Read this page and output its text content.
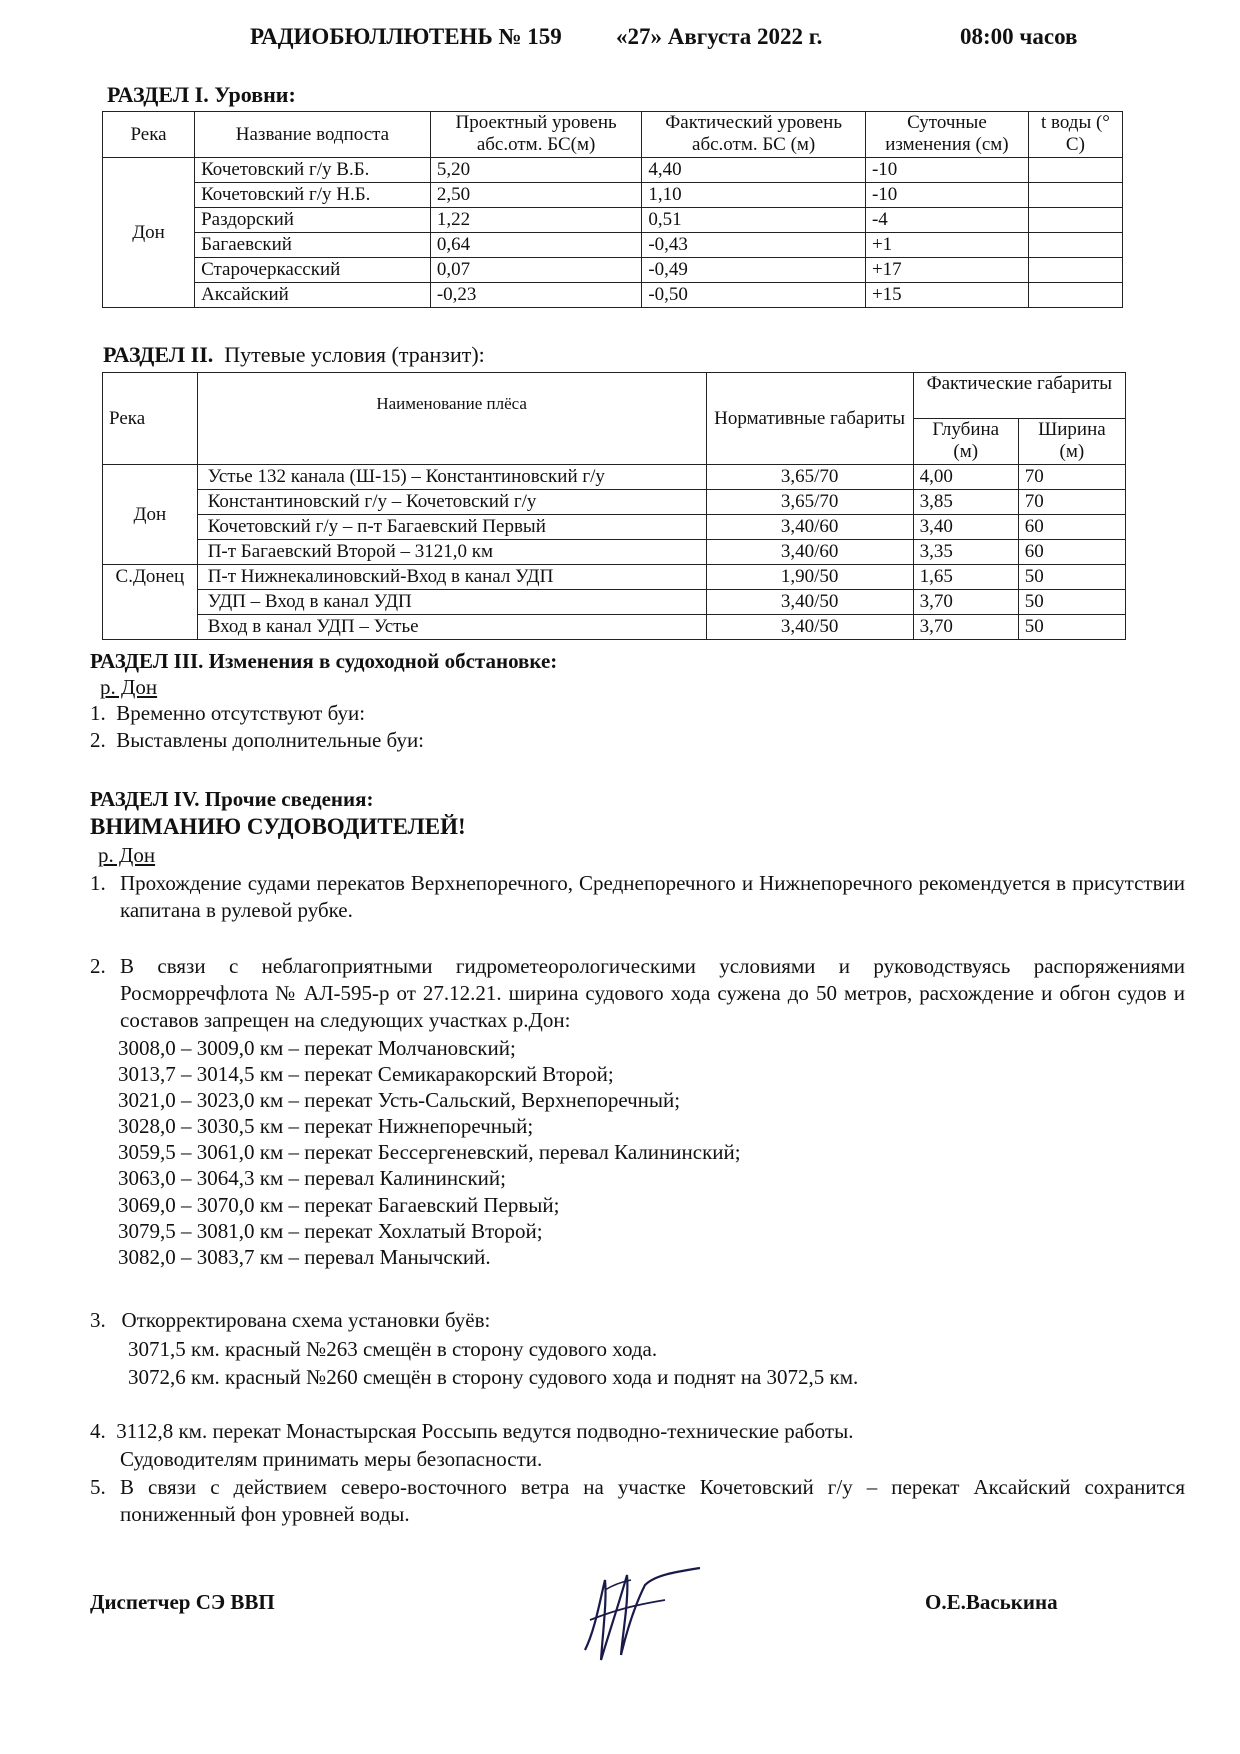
РАДИОБЮЛЛЮТЕНЬ № 159 «27» Августа 2022 г.	08:00 часов
РАЗДЕЛ I. Уровни:
Река	Название водпоста	Проектный уровень абс.отм. БС(м)	Фактический уровень абс.отм. БС (м)	Суточные изменения (см)	t воды (° С)
Дон	Кочетовский г/у В.Б.	5,20	4,40	-10	
	Кочетовский г/у Н.Б.	2,50	1,10	-10	
	Раздорский	1,22	0,51	-4	
	Багаевский	0,64	-0,43	+1	
	Старочеркасский	0,07	-0,49	+17	
	Аксайский	-0,23	-0,50	+15	
РАЗДЕЛ II. Путевые условия (транзит):
Река	Наименование плёса	Нормативные габариты	Фактические габариты	
			Глубина (м)	Ширина (м)
Дон	Устье 132 канала (Ш-15) – Константиновский г/у	3,65/70	4,00	70
	Константиновский г/у – Кочетовский г/у	3,65/70	3,85	70
	Кочетовский г/у – п-т Багаевский Первый	3,40/60	3,40	60
	П-т Багаевский Второй – 3121,0 км	3,40/60	3,35	60
С.Донец	П-т Нижнекалиновский-Вход в канал УДП	1,90/50	1,65	50
	УДП – Вход в канал УДП	3,40/50	3,70	50
	Вход в канал УДП – Устье	3,40/50	3,70	50
РАЗДЕЛ III. Изменения в судоходной обстановке:
р. Дон
1. Временно отсутствуют буи:
2. Выставлены дополнительные буи:
РАЗДЕЛ IV. Прочие сведения:
ВНИМАНИЮ СУДОВОДИТЕЛЕЙ!
р. Дон
1. Прохождение судами перекатов Верхнепоречного, Среднепоречного и Нижнепоречного рекомендуется в присутствии капитана в рулевой рубке.
2. В связи с неблагоприятными гидрометеорологическими условиями и руководствуясь распоряжениями Росморречфлота № АЛ-595-р от 27.12.21. ширина судового хода сужена до 50 метров, расхождение и обгон судов и составов запрещен на следующих участках р.Дон:
3008,0 – 3009,0 км – перекат Молчановский;
3013,7 – 3014,5 км – перекат Семикаракорский Второй;
3021,0 – 3023,0 км – перекат Усть-Сальский, Верхнепоречный;
3028,0 – 3030,5 км – перекат Нижнепоречный;
3059,5 – 3061,0 км – перекат Бессергеневский, перевал Калининский;
3063,0 – 3064,3 км – перевал Калининский;
3069,0 – 3070,0 км – перекат Багаевский Первый;
3079,5 – 3081,0 км – перекат Хохлатый Второй;
3082,0 – 3083,7 км – перевал Манычский.
3. Откорректирована схема установки буёв:
3071,5 км. красный №263 смещён в сторону судового хода.
3072,6 км. красный №260 смещён в сторону судового хода и поднят на 3072,5 км.
4. 3112,8 км. перекат Монастырская Россыпь ведутся подводно-технические работы.
Судоводителям принимать меры безопасности.
5. В связи с действием северо-восточного ветра на участке Кочетовский г/у – перекат Аксайский сохранится пониженный фон уровней воды.
Диспетчер СЭ ВВП	О.Е.Васькина
